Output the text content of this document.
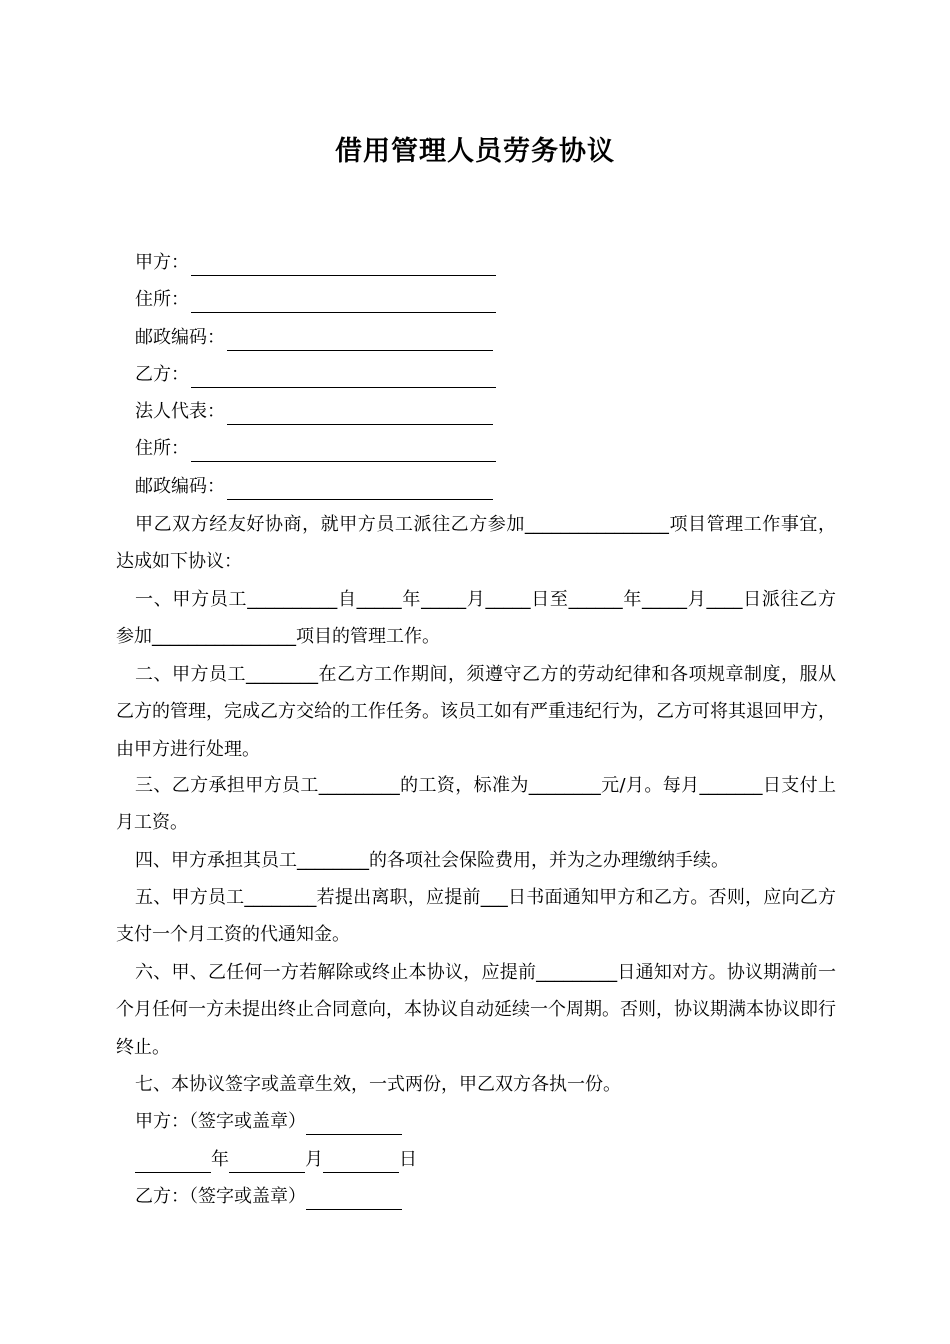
借用管理人员劳务协议
甲方：
住所：
邮政编码：
乙方：
法人代表：
住所：
邮政编码：
甲乙双方经友好协商，就甲方员工派往乙方参加________________项目管理工作事宜，达成如下协议：
一、甲方员工__________自_____年_____月_____日至______年_____月____日派往乙方参加________________项目的管理工作。
二、甲方员工________在乙方工作期间，须遵守乙方的劳动纪律和各项规章制度，服从乙方的管理，完成乙方交给的工作任务。该员工如有严重违纪行为，乙方可将其退回甲方，由甲方进行处理。
三、乙方承担甲方员工_________的工资，标准为________元/月。每月_______日支付上月工资。
四、甲方承担其员工________的各项社会保险费用，并为之办理缴纳手续。
五、甲方员工________若提出离职，应提前___日书面通知甲方和乙方。否则，应向乙方支付一个月工资的代通知金。
六、甲、乙任何一方若解除或终止本协议，应提前_________日通知对方。协议期满前一个月任何一方未提出终止合同意向，本协议自动延续一个周期。否则，协议期满本协议即行终止。
七、本协议签字或盖章生效，一式两份，甲乙双方各执一份。
甲方：（签字或盖章）
年	月	日
乙方：（签字或盖章）
